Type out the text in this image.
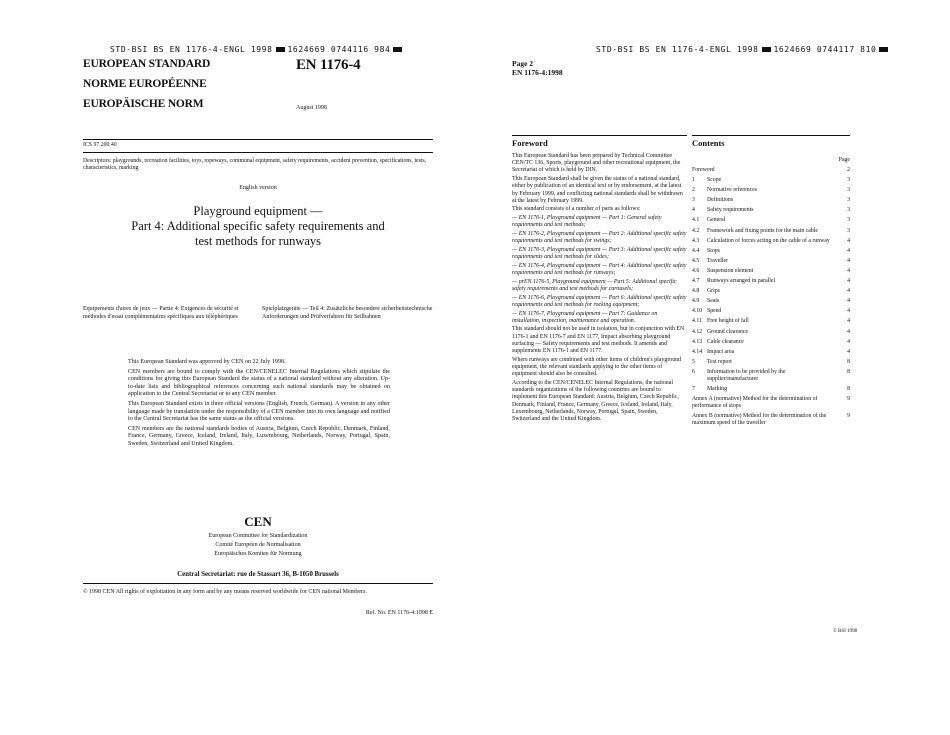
STD-BSI BS EN 1176-4-ENGL 1998 1624669 0744116 984
EUROPEAN STANDARD
NORME EUROPÉENNE
EUROPÄISCHE NORM
EN 1176-4
August 1998
ICS 97.200.40
Descriptors: playgrounds, recreation facilities, toys, ropeways, communal equipment, safety requirements, accident prevention, specifications, tests, characteristics, marking
English version
Playground equipment —
Part 4: Additional specific safety requirements and
test methods for runways
Equipements d'aires de jeux — Partie 4: Exigences de sécurité et méthodes d'essai complémentaires spécifiques aux téléphériques
Spielplatzgeräte — Teil 4: Zusätzliche besondere sicherheitstechnische Anforderungen und Prüfverfahren für Seilbahnen

This European Standard was approved by CEN on 22 July 1998.

CEN members are bound to comply with the CEN/CENELEC Internal Regulations which stipulate the conditions for giving this European Standard the status of a national standard without any alteration. Up-to-date lists and bibliographical references concerning such national standards may be obtained on application to the Central Secretariat or to any CEN member.

This European Standard exists in three official versions (English, French, German). A version in any other language made by translation under the responsibility of a CEN member into its own language and notified to the Central Secretariat has the same status as the official versions.

CEN members are the national standards bodies of Austria, Belgium, Czech Republic, Denmark, Finland, France, Germany, Greece, Iceland, Ireland, Italy, Luxembourg, Netherlands, Norway, Portugal, Spain, Sweden, Switzerland and United Kingdom.

CEN
European Committee for Standardization
Comité Européen de Normalisation
Europäisches Komitee für Normung
Central Secretariat: rue de Stassart 36, B-1050 Brussels
© 1998 CEN All rights of exploitation in any form and by any means reserved worldwide for CEN national Members.
Ref. No. EN 1176-4:1998 E
STD-BSI BS EN 1176-4-ENGL 1998 1624669 0744117 810
Page 2
EN 1176-4:1998
Foreword

This European Standard has been prepared by Technical Committee CEN/TC 136, Sports, playground and other recreational equipment, the Secretariat of which is held by DIN.

This European Standard shall be given the status of a national standard, either by publication of an identical text or by endorsement, at the latest by February 1999, and conflicting national standards shall be withdrawn at the latest by February 1999.

This standard consists of a number of parts as follows:

— EN 1176-1, Playground equipment — Part 1: General safety requirements and test methods;

— EN 1176-2, Playground equipment — Part 2: Additional specific safety requirements and test methods for swings;

— EN 1176-3, Playground equipment — Part 3: Additional specific safety requirements and test methods for slides;

— EN 1176-4, Playground equipment — Part 4: Additional specific safety requirements and test methods for runways;

— prEN 1176-5, Playground equipment — Part 5: Additional specific safety requirements and test methods for carousels;

— EN 1176-6, Playground equipment — Part 6: Additional specific safety requirements and test methods for rocking equipment;

— EN 1176-7, Playground equipment — Part 7: Guidance on installation, inspection, maintenance and operation.

This standard should not be used in isolation, but in conjunction with EN 1176-1 and EN 1176-7 and EN 1177, Impact absorbing playground surfacing — Safety requirements and test methods. It amends and supplements EN 1176-1 and EN 1177.

Where runways are combined with other items of children's playground equipment, the relevant standards applying to the other items of equipment should also be consulted.

According to the CEN/CENELEC Internal Regulations, the national standards organizations of the following countries are bound to implement this European Standard: Austria, Belgium, Czech Republic, Denmark, Finland, France, Germany, Greece, Iceland, Ireland, Italy, Luxembourg, Netherlands, Norway, Portugal, Spain, Sweden, Switzerland and the United Kingdom.

Contents
Page
Foreword	2
1	Scope	3
2	Normative references	3
3	Definitions	3
4	Safety requirements	3
4.1	General	3
4.2	Framework and fixing points for the main cable	3
4.3	Calculation of forces acting on the cable of a runway	4
4.4	Stops	4
4.5	Traveller	4
4.6	Suspension element	4
4.7	Runways arranged in parallel	4
4.8	Grips	4
4.9	Seats	4
4.10 Speed	4
4.11 Free height of fall	4
4.12 Ground clearance	4
4.13 Cable clearance	4
4.14 Impact area	4
5	Test report	8
6	Information to be provided by the supplier/manufacturer
8
7	Marking	8
Annex A (normative) Method for the determination of performance of stops
9
Annex B (normative) Method for the determination of the maximum speed of the traveller
9
© BSI 1998
